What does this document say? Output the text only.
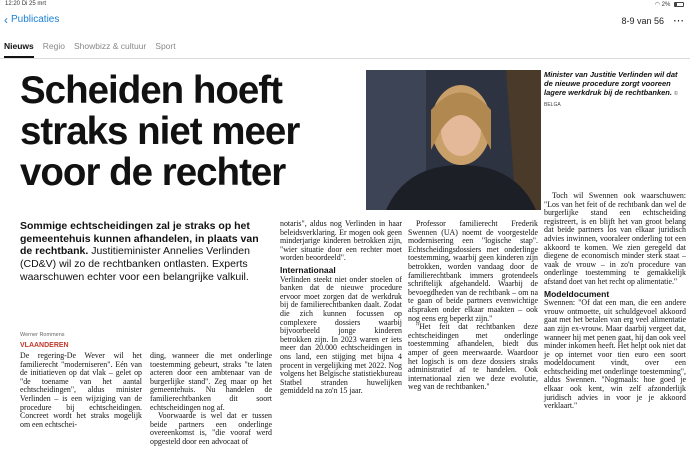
12:20 Di 25 mrt	◠ 2%
‹ Publicaties	8-9 van 56 ⋯
Nieuws Regio Showbizz & cultuur Sport
Scheiden hoeft straks niet meer voor de rechter
Minister van Justitie Verlinden wil dat de nieuwe procedure zorgt vooreen lagere werkdruk bij de rechtbanken. © BELGA
Sommige echtscheidingen zal je straks op het gemeentehuis kunnen afhandelen, in plaats van de rechtbank. Justitieminister Annelies Verlinden (CD&V) wil zo de rechtbanken ontlasten. Experts waarschuwen echter voor een belangrijke valkuil.
Werner Rommens
VLAANDEREN

De regering-De Wever wil het familierecht "moderniseren". Eén van de initiatieven op dat vlak – gelet op "de toename van het aantal echtscheidingen", aldus minister Verlinden – is een wijziging van de procedure bij echtscheidingen. Concreet wordt het straks mogelijk om een echtschei-

ding, wanneer die met onderlinge toestemming gebeurt, straks "te laten acteren door een ambtenaar van de burgerlijke stand". Zeg maar op het gemeentehuis. Nu handelen de familierechtbanken dit soort echtscheidingen nog af.

Voorwaarde is wel dat er tussen beide partners een onderlinge overeenkomst is, "die vooraf werd opgesteld door een advocaat of

notaris", aldus nog Verlinden in haar beleidsverklaring. Er mogen ook geen minderjarige kinderen betrokken zijn, "wier situatie door een rechter moet worden beoordeeld".

Internationaal

Verlinden steekt niet onder stoelen of banken dat de nieuwe procedure ervoor moet zorgen dat de werkdruk bij de familierechtbanken daalt. Zodat die zich kunnen focussen op complexere dossiers waarbij bijvoorbeeld jonge kinderen betrokken zijn. In 2023 waren er iets meer dan 20.000 echtscheidingen in ons land, een stijging met bijna 4 procent in vergelijking met 2022. Nog volgens het Belgische statistiekbureau Statbel stranden huwelijken gemiddeld na zo'n 15 jaar.

Professor familierecht Frederik Swennen (UA) noemt de voorgestelde modernisering een "logische stap". Echtscheidingsdossiers met onderlinge toestemming, waarbij geen kinderen zijn betrokken, worden vandaag door de familierechtbank immers grotendeels schriftelijk afgehandeld. Waarbij de bevoegdheden van de rechtbank – om na te gaan of beide partners evenwichtige afspraken onder elkaar maakten – ook nog eens erg beperkt zijn."

"Het feit dat rechtbanken deze echtscheidingen met onderlinge toestemming afhandelen, biedt dus amper of geen meerwaarde. Waardoor het logisch is om deze dossiers straks administratief af te handelen. Ook internationaal zien we deze evolutie, weg van de rechtbanken."

Toch wil Swennen ook waarschuwen: "Los van het feit of de rechtbank dan wel de burgerlijke stand een echtscheiding registreert, is en blijft het van groot belang dat beide partners los van elkaar juridisch advies inwinnen, vooraleer onderling tot een akkoord te komen. We zien geregeld dat diegene de economisch minder sterk staat – vaak de vrouw – in zo'n procedure van onderlinge toestemming te gemakkelijk afstand doet van het recht op alimentatie."

Modeldocument

Swennen: "Of dat een man, die een andere vrouw ontmoette, uit schuldgevoel akkoord gaat met het betalen van erg veel alimentatie aan zijn ex-vrouw. Maar daarbij vergeet dat, wanneer hij met penen gaat, hij dan ook veel minder inkomen heeft. Het helpt ook niet dat je op internet voor tien euro een soort modeldocument vindt, over een echtscheiding met onderlinge toestemming", aldus Swennen. "Nogmaals: hoe goed je elkaar ook kent, win zelf afzonderlijk juridisch advies in voor je je akkoord verklaart."
